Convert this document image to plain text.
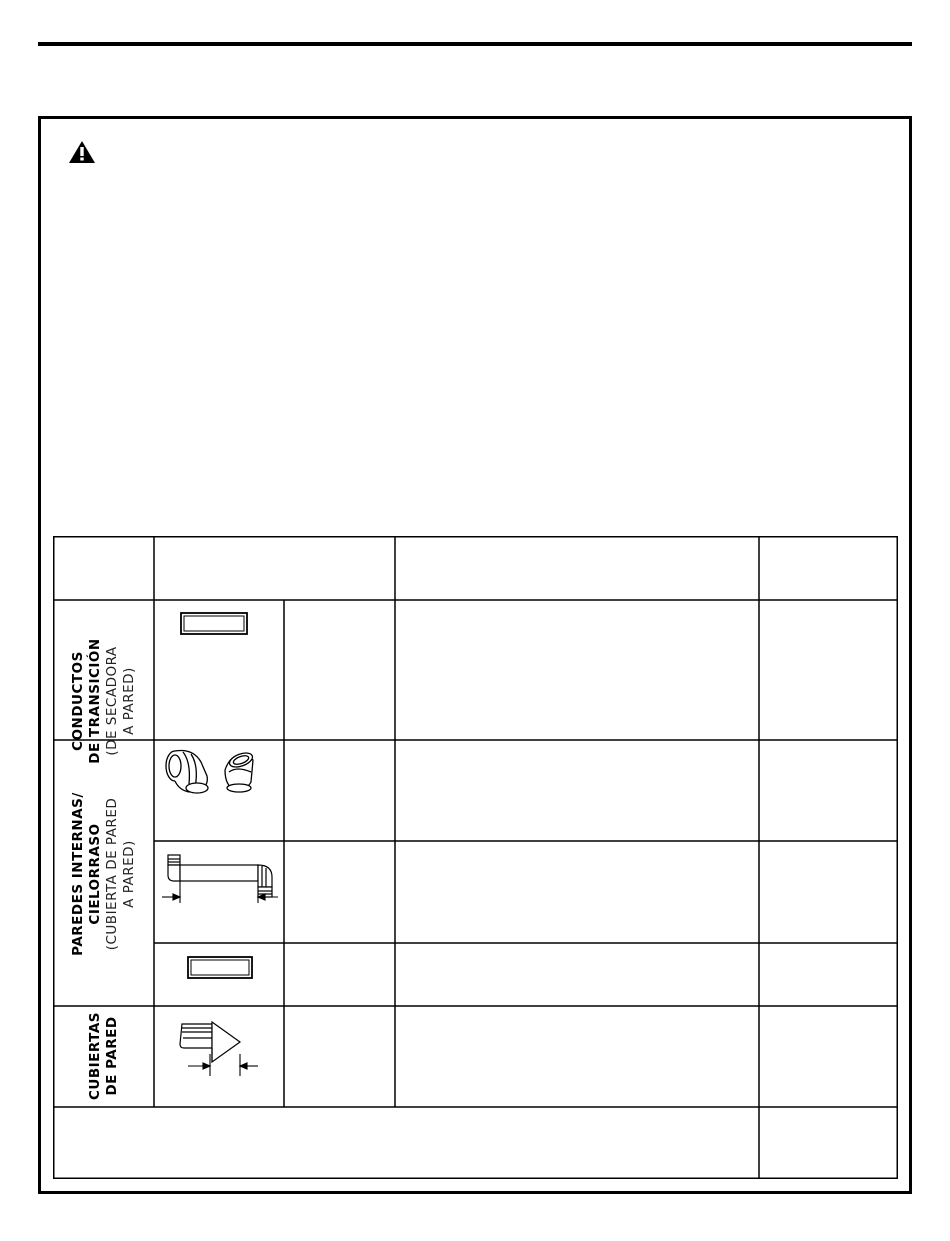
CONDUCTOS DE TRANSICIÓN (DE SECADORA A PARED)
PAREDES INTERNAS/ CIELORRASO (CUBIERTA DE PARED A PARED)
CUBIERTAS DE PARED
